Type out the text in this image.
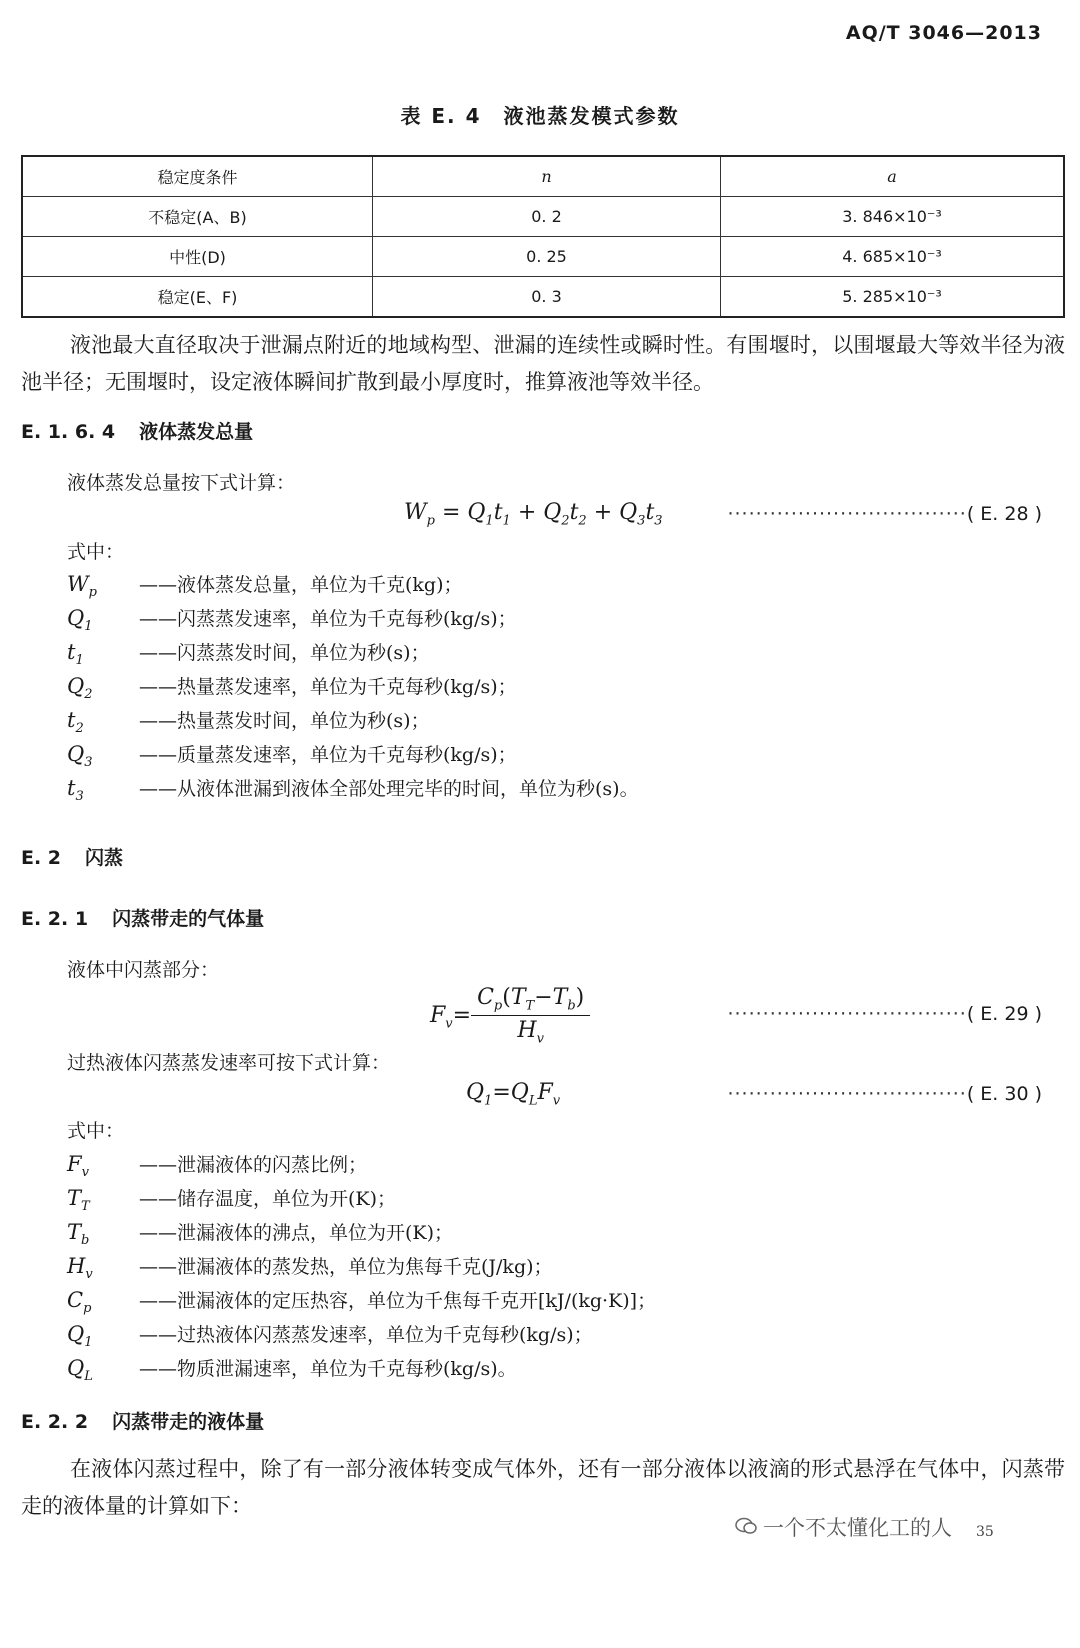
AQ/T 3046—2013
表 E. 4　液池蒸发模式参数
稳定度条件	n	a
不稳定(A、B)	0. 2	3. 846×10⁻³
中性(D)	0. 25	4. 685×10⁻³
稳定(E、F)	0. 3	5. 285×10⁻³
液池最大直径取决于泄漏点附近的地域构型、泄漏的连续性或瞬时性。有围堰时，以围堰最大等效半径为液池半径；无围堰时，设定液体瞬间扩散到最小厚度时，推算液池等效半径。
E. 1. 6. 4 液体蒸发总量
液体蒸发总量按下式计算：
$W_p = Q_1t_1 + Q_2t_2 + Q_3t_3$	··································( E. 28 )
式中：
$W_p$ ——液体蒸发总量，单位为千克(kg)；
$Q_1$ ——闪蒸蒸发速率，单位为千克每秒(kg/s)；
$t_1$	——闪蒸蒸发时间，单位为秒(s)；
$Q_2$ ——热量蒸发速率，单位为千克每秒(kg/s)；
$t_2$	——热量蒸发时间，单位为秒(s)；
$Q_3$ ——质量蒸发速率，单位为千克每秒(kg/s)；
$t_3$	——从液体泄漏到液体全部处理完毕的时间，单位为秒(s)。
E. 2 闪蒸
E. 2. 1 闪蒸带走的气体量
液体中闪蒸部分：
$F_v= \frac{C_p(T_T-T_b)}{H_v}$	··································( E. 29 )
过热液体闪蒸蒸发速率可按下式计算：
$Q_1=Q_LF_v$	··································( E. 30 )
式中：
$F_v$	——泄漏液体的闪蒸比例；
$T_T$	——储存温度，单位为开(K)；
$T_b$	——泄漏液体的沸点，单位为开(K)；
$H_v$ ——泄漏液体的蒸发热，单位为焦每千克(J/kg)；
$C_p$	——泄漏液体的定压热容，单位为千焦每千克开[kJ/(kg·K)]；
$Q_1$ ——过热液体闪蒸蒸发速率，单位为千克每秒(kg/s)；
$Q_L$ ——物质泄漏速率，单位为千克每秒(kg/s)。
E. 2. 2 闪蒸带走的液体量
在液体闪蒸过程中，除了有一部分液体转变成气体外，还有一部分液体以液滴的形式悬浮在气体中，闪蒸带走的液体量的计算如下：
一个不太懂化工的人 35
